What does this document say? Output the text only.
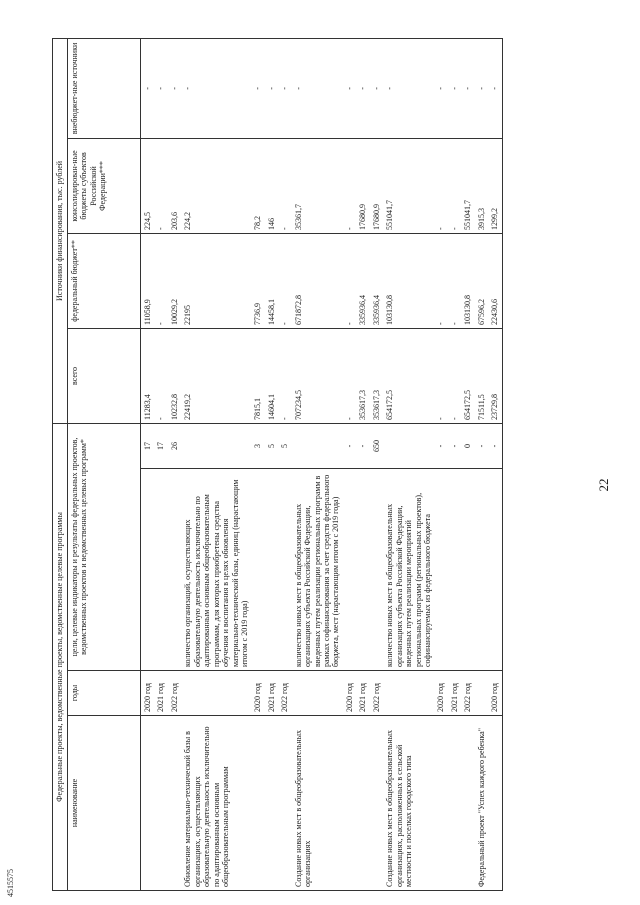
22
4515575
Федеральные проекты, ведомственные проекты, ведомственные целевые программы				Источники финансирования, тыс. рублей			
наименование	годы	цели, целевые индикаторы и результаты федеральных проектов, ведомственных проектов и ведомственных целевых программ*		всего	федеральный бюджет**	консолидирован-ные бюджеты субъектов Российской Федерации***	внебюджет-ные источники
	2020 год		17	11283,4	11058,9	224,5	-
	2021 год		17	-	-	-	-
	2022 год		26	10232,8	10029,2	203,6	-
Обновление материально-технической базы в организациях, осуществляющих образовательную деятельность исключительно по адаптированным основным общеобразовательным программам		количество организаций, осуществляющих образовательную деятельность исключительно по адаптированным основным общеобразовательным программам, для которых приобретены средства обучения и воспитания в целях обновления материально-технической базы, единиц (нарастающим итогом с 2019 года)		22419,2	22195	224,2	-
	2020 год		3	7815,1	7736,9	78,2	-
	2021 год		5	14604,1	14458,1	146	-
	2022 год		5	-	-	-	-
Создание новых мест в общеобразовательных организациях		количество новых мест в общеобразовательных организациях субъекта Российской Федерации, введенных путем реализации региональных программ в рамках софинансирования за счет средств федерального бюджета, мест (нарастающим итогом с 2019 года)		707234,5	671872,8	35361,7	-
	2020 год		-	-	-	-	-
	2021 год		-	353617,3	335936,4	17680,9	-
	2022 год		650	353617,3	335936,4	17680,9	-
Создание новых мест в общеобразовательных организациях, расположенных в сельской местности и поселках городского типа		количество новых мест в общеобразовательных организациях субъекта Российской Федерации, введенных путем реализации мероприятий региональных программ (региональных проектов), софинансируемых из федерального бюджета		654172,5	103130,8	551041,7	-
	2020 год		-	-	-	-	-
	2021 год		-	-	-	-	-
	2022 год		0	654172,5	103130,8	551041,7	-
Федеральный проект "Успех каждого ребенка"			-	71511,5	67596,2	3915,3	-
	2020 год		-	23729,8	22430,6	1299,2	-
